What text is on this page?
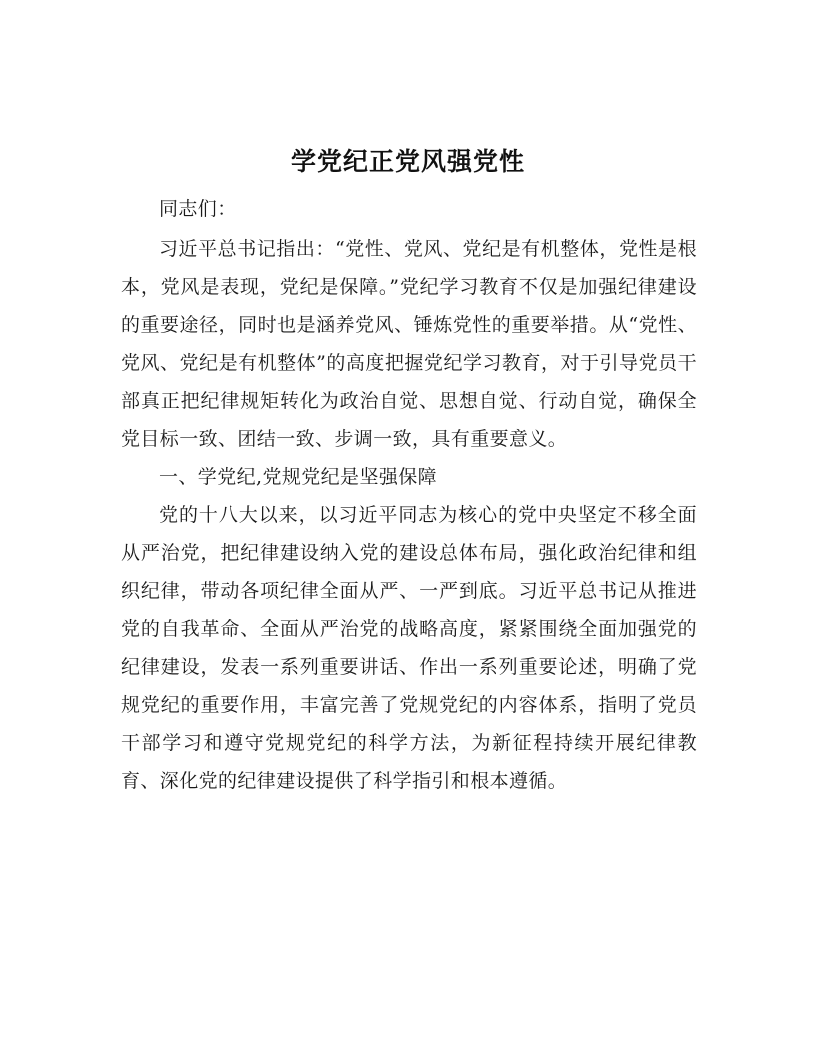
学党纪正党风强党性

同志们：

习近平总书记指出：“党性、党风、党纪是有机整体，党性是根本，党风是表现，党纪是保障。”党纪学习教育不仅是加强纪律建设的重要途径，同时也是涵养党风、锤炼党性的重要举措。从“党性、党风、党纪是有机整体”的高度把握党纪学习教育，对于引导党员干部真正把纪律规矩转化为政治自觉、思想自觉、行动自觉，确保全党目标一致、团结一致、步调一致，具有重要意义。

一、学党纪,党规党纪是坚强保障

党的十八大以来，以习近平同志为核心的党中央坚定不移全面从严治党，把纪律建设纳入党的建设总体布局，强化政治纪律和组织纪律，带动各项纪律全面从严、一严到底。习近平总书记从推进党的自我革命、全面从严治党的战略高度，紧紧围绕全面加强党的纪律建设，发表一系列重要讲话、作出一系列重要论述，明确了党规党纪的重要作用，丰富完善了党规党纪的内容体系，指明了党员干部学习和遵守党规党纪的科学方法，为新征程持续开展纪律教育、深化党的纪律建设提供了科学指引和根本遵循。
